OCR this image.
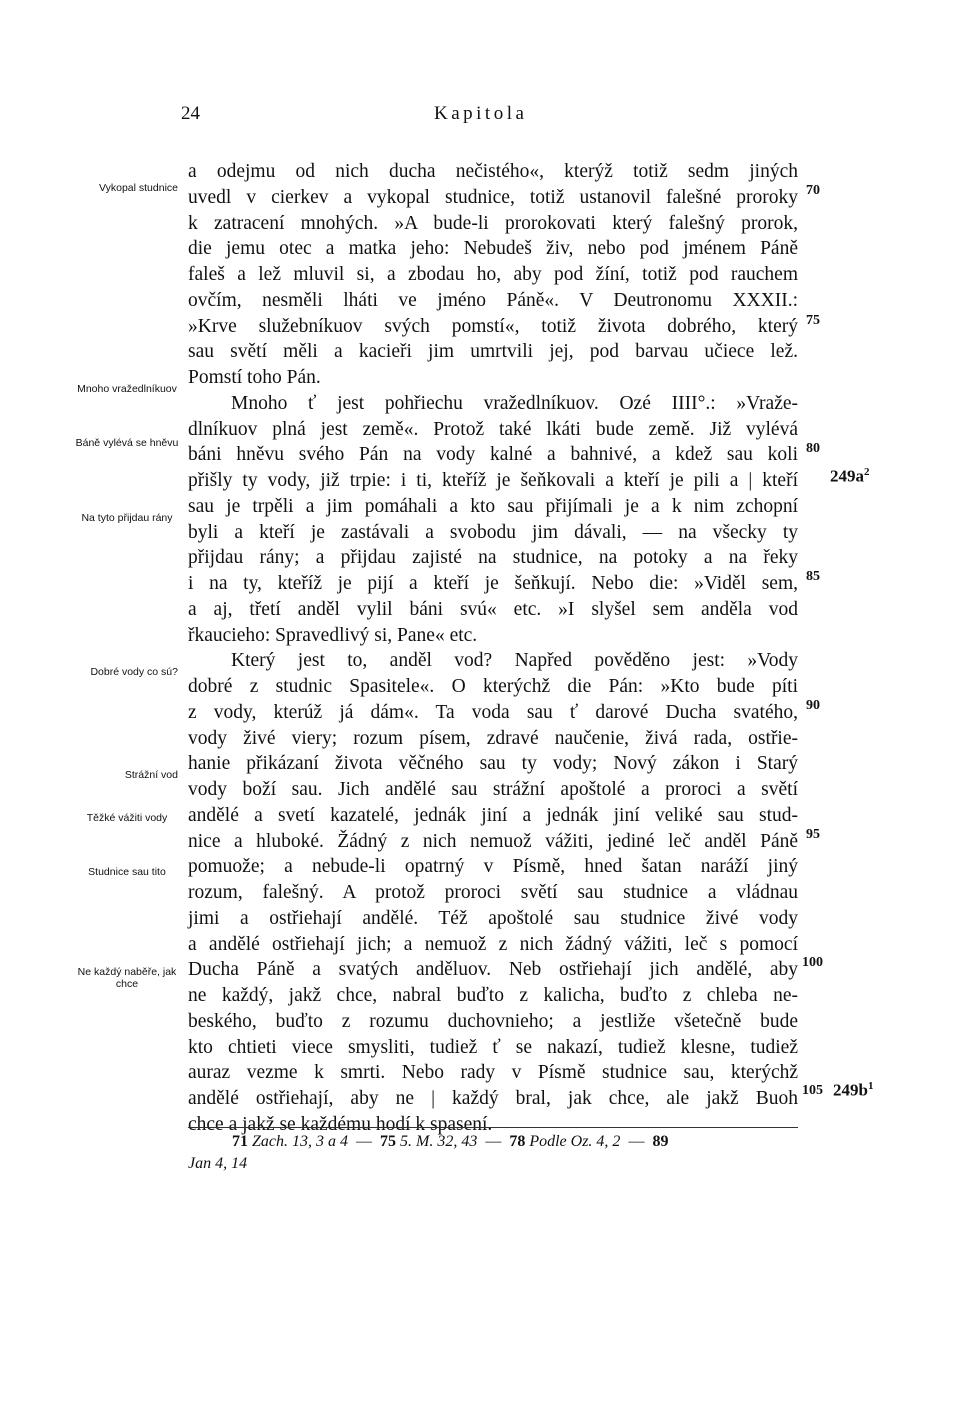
24	Kapitola
a odejmu od nich ducha nečistého«, kterýž totiž sedm jiných
uvedl v cierkev a vykopal studnice, totiž ustanovil falešné proroky
k zatracení mnohých. »A bude-li prorokovati který falešný prorok,
die jemu otec a matka jeho: Nebudeš živ, nebo pod jménem Páně
faleš a lež mluvil si, a zbodau ho, aby pod žíní, totiž pod rauchem
ovčím, nesměli lháti ve jméno Páně«. V Deutronomu XXXII.:
»Krve služebníkuov svých pomstí«, totiž života dobrého, který
sau světí měli a kacieři jim umrtvili jej, pod barvau učiece lež.
Pomstí toho Pán.
Mnoho ť jest pohřiechu vražedlníkuov. Ozé IIII°.: »Vraže-
dlníkuov plná jest země«. Protož také lkáti bude země. Již vylévá
báni hněvu svého Pán na vody kalné a bahnivé, a kdež sau koli
přišly ty vody, již trpie: i ti, kteříž je šeňkovali a kteří je pili a | kteří
sau je trpěli a jim pomáhali a kto sau přijímali je a k nim zchopní
byli a kteří je zastávali a svobodu jim dávali, — na všecky ty
přijdau rány; a přijdau zajisté na studnice, na potoky a na řeky
i na ty, kteříž je pijí a kteří je šeňkují. Nebo die: »Viděl sem,
a aj, třetí anděl vylil báni svú« etc. »I slyšel sem anděla vod
řkaucieho: Spravedlivý si, Pane« etc.
Který jest to, anděl vod? Napřed pověděno jest: »Vody
dobré z studnic Spasitele«. O kterýchž die Pán: »Kto bude píti
z vody, kterúž já dám«. Ta voda sau ť darové Ducha svatého,
vody živé viery; rozum písem, zdravé naučenie, živá rada, ostřie-
hanie přikázaní života věčného sau ty vody; Nový zákon i Starý
vody boží sau. Jich andělé sau strážní apoštolé a proroci a světí
andělé a svetí kazatelé, jednák jiní a jednák jiní veliké sau stud-
nice a hluboké. Žádný z nich nemuož vážiti, jediné leč anděl Páně
pomuože; a nebude-li opatrný v Písmě, hned šatan naráží jiný
rozum, falešný. A protož proroci světí sau studnice a vládnau
jimi a ostřiehají andělé. Též apoštolé sau studnice živé vody
a andělé ostřiehají jich; a nemuož z nich žádný vážiti, leč s pomocí
Ducha Páně a svatých anděluov. Neb ostřiehají jich andělé, aby
ne každý, jakž chce, nabral buďto z kalicha, buďto z chleba ne-
beského, buďto z rozumu duchovnieho; a jestliže všetečně bude
kto chtieti viece smysliti, tudiež ť se nakazí, tudiež klesne, tudiež
auraz vezme k smrti. Nebo rady v Písmě studnice sau, kterýchž
andělé ostřiehají, aby ne | každý bral, jak chce, ale jakž Buoh
chce a jakž se každému hodí k spasení.
Vykopal studnice
Mnoho vražedlníkuov
Báně vylévá se hněvu
Na tyto přijdau rány
Dobré vody co sú?
Strážní vod
Těžké vážiti vody
Studnice sau tito
Ne každý naběře, jak chce
71 Zach. 13, 3 a 4  —  75 5. M. 32, 43  —  78 Podle Oz. 4, 2  —  89
Jan 4, 14
70
75
80
85
90
95
100
105
$249a^2$
$249b^1$
